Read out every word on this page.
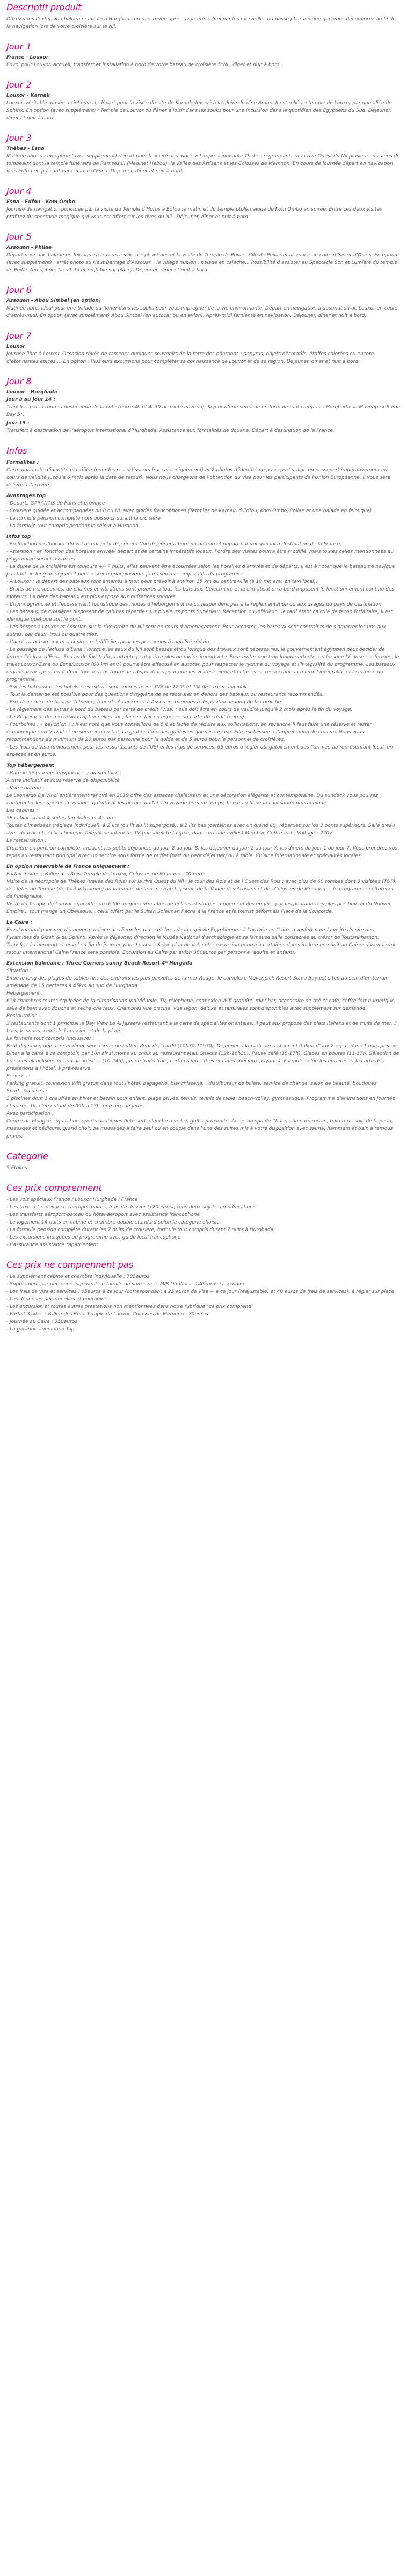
Descriptif produit

Offrez vous l’extension balnéaire idéale à Hurghada en mer rouge après avoir été ébloui par les merveilles du passé pharaonique que vous découvrirez au fil de la navigation lors de votre croisière sur le Nil.

Jour 1
France - Louxor

Envol pour Louxor. Accueil, transfert et installation à bord de votre bateau de croisière 5*NL, dîner et nuit à bord.

Jour 2
Louxor - Karnak

Louxor, véritable musée à ciel ouvert, départ pour la visite du site de Karnak dévoué à la gloire du dieu Amon. Il est relié au temple de Louxor par une allée de Sphinx. En option (avec supplément) : Temple de Louxor ou flâner à loisir dans les souks pour une incursion dans le quotidien des Égyptiens du Sud. Déjeuner, dîner et nuit à bord.

Jour 3
Thèbes - Esna

Matinée libre ou en option (avec supplément) départ pour la « cité des morts » l’impressionnante Thèbes regroupant sur la rive Ouest du Nil plusieurs dizaines de tombeaux dont la temple funéraire de Ramses III (Medinet Habou), la Vallée des Artisans et les Colosses de Memnon. En cours de journée départ en navigation vers Edfou en passant par l’écluse d’Esna. Déjeuner, dîner et nuit à bord.

Jour 4
Esna - Edfou - Kom Ombo

Journée de navigation ponctuée par la visite du Temple d’Horus à Edfou le matin et du temple ptolémaïque de Kom Ombo en soirée. Entre ces deux visites profitez du spectacle magique qui vous est offert sur les rives du Nil . Déjeuner, dîner et nuit à bord.

Jour 5
Assouan - Philae

Départ pour une balade en felouque à travers les îles éléphantines et la visite du Temple de Philae. L’île de Philae était vouée au culte d’Isis et d’Osiris. En option (avec supplément) : arrêt photo au Haut Barrage d’Assouan , le village nubien , balade en calèche... Possibilité d’assister au Spectacle Son et Lumière du temple de Philae (en option, facultatif et réglable sur place). Déjeuner, dîner et nuit à bord.

Jour 6
Assouan - Abou Simbel (en option)

Matinée libre, idéal pour une balade ou flâner dans les souks pour vous imprégner de la vie environnante. Départ en navigation à destination de Louxor en cours d’après-midi. En option (avec supplément) Abou Simbel (en autocar ou en avion). Après-midi farniente en navigation. Déjeuner, dîner et nuit à bord.

Jour 7
Louxor

Journée libre à Louxor. Occasion rêvée de ramener quelques souvenirs de la terre des pharaons : papyrus, objets décoratifs, étoffes colorées ou encore d’étonnantes épices ... En option : Plusieurs excursions pour compléter sa connaissance de Louxor et de sa région. Déjeuner, dîner et nuit à bord.

Jour 8
Louxor - Hurghada
Jour 8 au jour 14 :

Transfert par la route à destination de la côte (entre 4h et 4h30 de route environ). Séjour d’une semaine en formule tout compris à Hurghada au Movenpick Soma Bay 5*.

Jour 15 :

Transfert à destination de l’aéroport international d’Hurghada. Assistance aux formalités de douane. Départ à destination de la France.

Infos
Formalités :

Carte nationale d’identité plastifiée (pour les ressortissants français uniquement) et 2 photos d’identité ou passeport valide ou passeport impérativement en cours de validité jusqu’à 6 mois après la date de retour). Nous nous chargeons de l’obtention du visa pour les participants de l’Union Européenne, il vous sera délivré à l’arrivée.

Avantages top

- Départs GARANTIS de Paris et province

- Croisière guidée et accompagnées ou 8 ou NL avec guides francophones (Temples de Karnak, d’Edfou, Kom Ombo, Philae et une balade en felouque)

- La formule pension complète hors boissons durant la croisière

- La formule tout compris pendant le séjour à Hurgada

Infos top

- En fonction de l’horaire du vol retour petit déjeuner et/ou déjeuner à bord du bateau et départ par vol spécial à destination de la France.

- Attention : en fonction des horaires arrivée/ départ et de certains impératifs locaux, l’ordre des visites pourra être modifié, mais toutes celles mentionnées au programme seront assurées.

- La durée de la croisière est toujours +/- 7 nuits, elles peuvent être écourtées selon les horaires d’arrivée et de départs. Il est à noter que le bateau ne navigue pas tout au long du séjour et peut rester à quai plusieurs jours selon les impératifs du programme.

- À Louxor : le départ des bateaux sont amarrés à mon peut prévoir à environ 15 km du centre-ville (à 10 mn env. en taxi local).

- Bruits de manoeuvres, de chaînes et vibrations sont propres à tous les bateaux. L’électricité et la climatisation à bord imposent le fonctionnement continu des moteurs. La rière des bateaux est plus exposé aux nuisances sonores.

- L’hymnogramme et l’ecossement touristique des modes d’hébergement ne correspondent pas à la réglementation ou aux usages du pays de destination.

- Les bateaux de croisières disposent de cabines réparties sur plusieurs ponts Supérieur, Réception ou Inférieur : le tarif étant calculé de façon forfaitaire, il est identique quel que soit le pont.

- Les berges à Louxor et Assouan sur la rive droite du Nil sont en cours d’aménagement. Pour accoster, les bateaux sont contraints de s’amarrer les uns aux autres, par deux, trois ou quatre files.

- L’accès aux bateaux et aux sites est difficiles pour les personnes à mobilité réduite.

- Le passage de l’écluse d’Esna : lorsque les eaux du Nil sont basses et/ou lorsque des travaux sont nécessaires, le gouvernement égyptien peut décider de fermer l’écluse d’Esna. En cas de fort trafic, l’attente peut y être plus ou moins importante. Pour éviter une trop longue attente, ou lorsque l’écluse est fermée, le trajet Louxor/Esna ou Esna/Louxor (60 km env.) pourra être effectué en autocar, pour respecter le rythme du voyage et l’intégralité du programme. Les bateaux organisateurs prendront donc tous les cas toutes les dispositions pour que les visites soient effectuées en respectant au mieux l’intégralité et le rythme du programme.

- Sur les bateaux et les hôtels : les extras sont soumis à une TVA de 12 % et 1% de taxe municipale.

- Tout la demande est possible pour des questions d’hygiène de se restaurer en dehors des bateaux ou restaurants recommandés.

- Prix de service de banque (change) à bord : À Louxor et à Assouan, banques à disposition le long de la corniche.

- Le règlement des extras à bord du bateau par carte de crédit (Visa) : elle doit être en cours de validité jusqu’à 2 mois après la fin du voyage.

- Le Règlement des excursions optionnelles sur place se fait en espèces ou carte de crédit (euros).

- Pourboires : « bakchich » : Il est noté que vous conseillons de 5 € et facile de réduire aux sollicitations, en revanche il faut faire une réserve et rester économique : en travail et ne serveur bien fait. La gratification des guides est jamais incluse. Elle est laissée à l’appréciation de chacun. Nous vous recommandons au minimum de 20 euros par personne pour le guide et de 5 euros pour le personnel de croisières.

- Les frais de Visa (uniquement pour les ressortissants de l’UE) et les frais de services, 65 euros à régler obligatoirement dès l’arrivée au représentant local, en espèces et en euros.

Top hébergement

- Bateau 5* (normes égyptiennes) ou similaire :

À titre indicatif et sous réserve de disponibilité

- Votre bateau :

Le Leonardo Da Vinci entièrement rénové en 2019 offre des espaces chaleureux et une décoration élégante et contemporaine. Du sundeck vous pourrez contempler les superbes paysages qu’offrent les berges du Nil. Un voyage hors du temps, bercé au fil de la civilisation pharaonique.

Les cabines :

58 cabines dont 4 suites familiales et 4 suites.

Toutes climatisées (réglage individuel), à 2 lits (ou lit au lit superposé), à 2 lits bas (certaines avec un grand lit), réparties sur les 3 ponts supérieurs. Salle d’eau avec douche et sèche-cheveux. Téléphone intérieur, TV par satellite (à quai, dans certaines villes) Mini-bar, Coffre-fort ; Voltage : 220V

La restauration :

Croisière en pension complète, incluant les petits déjeuners du jour 2 au jour 8, les déjeuner du jour 2 au jour 7, les dîners du jour 1 au jour 7. Vous prendrez vos repas au restaurant principal avec un service sous forme de buffet (part du petit déjeuner) ou à table. Cuisine internationale et spécialités locales.

En option réservable de France uniquement :

Forfait 3 sites : Vallée des Rois, Temple de Louxor, Colosses de Memnon : 70 euros.

Visite de la nécropole de Thèbes (vallée des Rois) sur la rive Ouest du Nil : le tour des Rois et de l’Ouest des Rois : avec plus de 60 tombes dont 3 visitées (TOP), des fêtes au Temple (de Toutankhamon) où la tombe de la reine Hatchepsout, de la Vallée des Artisans et des Colosses de Memnon ... le programme culturel et de l’intégralité.

Visite du Temple de Louxor : qui offre un défilé unique entre allée de béliers et statues monumentales érigées par les pharaons les plus prestigieux du Nouvel Empire... tout mange un Obélisque... celui offert par le Sultan Soleiman Pacha à la France et le tourist déformais Place de la Concorde.

Le Caire :

Envol matinal pour une découverte unique des lieux les plus célèbres de la capitale Égyptienne : à l’arrivée au Caire, transfert pour la visite du site des Pyramides de Gizeh & du Sphinx. Après le déjeuner, direction le Musée National d’archéologie et sa fameuse salle consacrée au trésor de Toutankhamon. Transfert à l’aéroport et envol en fin de journée pour Louxor - Selon plan de vol, cette excursion pourra à certaines dates inclure une nuit au Caire suivant le vol retour international Caire-France sera possible. Excursion au Caire par avion 350euros par personne (adulte et enfant).

Extension balnéaire : Three Corners sunny Beach Resort 4* Hurgada

Situation :

Situé le long des plages de sables fins des endroits les plus paisibles de la mer Rouge, le complexe Mövenpick Resort Soma Bay est situé au sein d’un terrain aménagé de 15 hectares à 45km au sud de Hurghada.

Hébergement :

618 chambres toutes équipées de la climatisation individuelle, TV, téléphone, connexion Wifi gratuite, mini-bar, accessoire de thé et café, coffre-fort numérique, salle de bain avec douche et sèche-cheveux. Chambres vue piscine, vue lagon, deluxe et familiales sont disponibles avec supplément sur demande.

Restauration :

3 restaurants dont 1 principal le Bay View Le Al Jazeera restaurant à la carte de spécialités orientales, il peut aux propose des plats italiens et de fruits de mer. 3 bars, le sonou, celui de la piscine et de la plage.

La formule tout compris (inclusive) :

Petit déjeuner, déjeuner et dîner sous forme de buffet. Petit déj’ tardif (10h30-11h30). Déjeuner à la carte au restaurant Italien d’aux 2 repas dans 1 bars pris au Dîner à la carte à ce comptoir, par 10h ainsi moms au choix au restaurant Mali. Snacks (12h-16h30), Pause café (15-17h). Glaces en boutes (11-17h) Sélection de boissons alcoolisées et non-alcoolisées (10-24h), jus de fruits frais, certains vins, thés et cafés spéciaux payants). Formule selon les horaires et la carte des prestations à l’hôtel, à pré-réserve.

Services :

Parking gratuit, connexion Wifi gratuit dans tout l’hôtel, bagagerie, blanchisserie, , distributeur de billets, service de change, salon de beauté, boutiques.

Sports & Loisirs :

3 piscines dont 1 chauffée en hiver et bassin pour enfant, plage privée, tennis, tennis de table, beach-volley, gymnastique. Programme d’animations en journée et soirée. Un club enfant de 09h à 17h, une aire de jeux.

Avec participation :

Centre de plongée, équitation, sports nautiques (kite surf, planche à voile), golf à proximité. Accès au spa de l’hôtel : bain marocain, bain turc, soin de la peau, massages et pédicure, grand choix de massages à faire seul ou en couple dans l’une des suites mis à votre disposition avec sauna, hammam et bain à remous privés.

Categorie

5 Etoiles

Ces prix comprennent

- Les vols spéciaux France / Louxor Hurghada / France

- Les taxes et redevances aéroportuaires, frais de dossier (120euros), tous deux sujets à modifications

- Les transferts aéroport-bateau ou hôtel-aéroport avec assistance francophone

- Le logement 14 nuits en cabine et chambre double standard selon la catégorie choisie

- La formule pension complète durant les 7 nuits de croisière, formule tout compris durant 7 nuits à Hurghada

- Les excursions indiquées au programme avec guide local francophone

- L’assurance assistance rapatriement

Ces prix ne comprennent pas

- Le supplément cabine et chambre individuelle : 785euros

- Supplément par personne logement en famille ou suite sur le M/S Da Vinci : 140euros la semaine

- Les frais de visa et services : 65euros à ce jour (correspondant à 25 euros de Visa + à ce jour (réajustable) et 40 euros de frais de services), à régler sur place

- Les dépenses personnelles et pourboires

- Les excursion et toutes autres prestations non mentionnées dans notre rubrique "ce prix comprend"

- Forfait 3 sites : Vallée des Rois, Temple de Louxor, Colosses de Memnon : 70euros

- Journée au Caire : 350euros

- La garantie annulation Top
